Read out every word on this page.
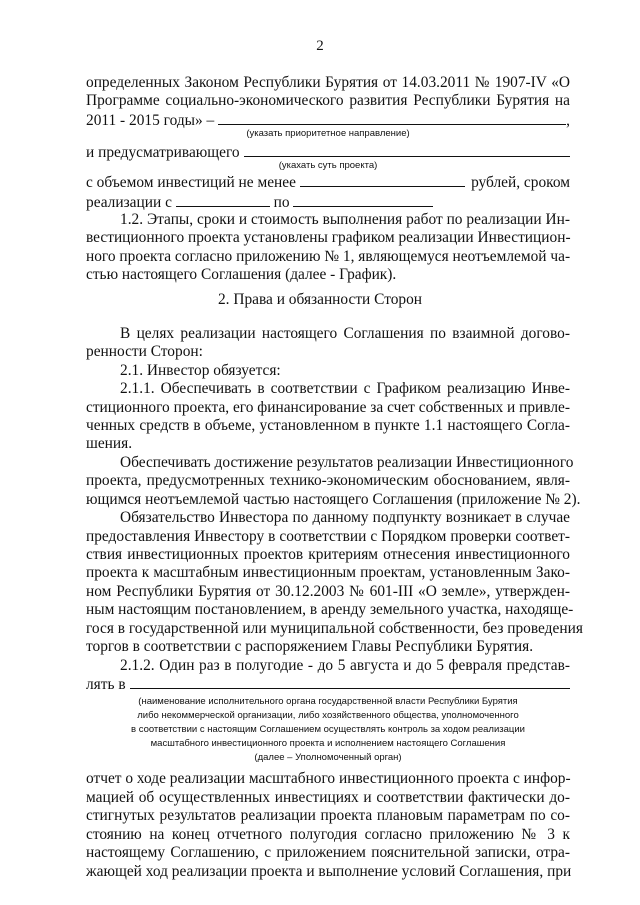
2
определенных Законом Республики Бурятия от 14.03.2011 № 1907-IV «О
Программе социально-экономического развития Республики Бурятия на
2011 - 2015 годы» –	,
(указать приоритетное направление)
и предусматривающего
(укахать суть проекта)
с объемом инвестиций не менее	рублей, сроком
реализации с	по
1.2. Этапы, сроки и стоимость выполнения работ по реализации Ин-
вестиционного проекта установлены графиком реализации Инвестицион-
ного проекта согласно приложению № 1, являющемуся неотъемлемой ча-
стью настоящего Соглашения (далее - График).
2. Права и обязанности Сторон
В целях реализации настоящего Соглашения по взаимной догово-
ренности Сторон:
2.1. Инвестор обязуется:
2.1.1. Обеспечивать в соответствии с Графиком реализацию Инве-
стиционного проекта, его финансирование за счет собственных и привле-
ченных средств в объеме, установленном в пункте 1.1 настоящего Согла-
шения.
Обеспечивать достижение результатов реализации Инвестиционного
проекта, предусмотренных технико-экономическим обоснованием, явля-
ющимся неотъемлемой частью настоящего Соглашения (приложение № 2).
Обязательство Инвестора по данному подпункту возникает в случае
предоставления Инвестору в соответствии с Порядком проверки соответ-
ствия инвестиционных проектов критериям отнесения инвестиционного
проекта к масштабным инвестиционным проектам, установленным Зако-
ном Республики Бурятия от 30.12.2003 № 601-III «О земле», утвержден-
ным настоящим постановлением, в аренду земельного участка, находяще-
гося в государственной или муниципальной собственности, без проведения
торгов в соответствии с распоряжением Главы Республики Бурятия.
2.1.2. Один раз в полугодие - до 5 августа и до 5 февраля представ-
лять в
(наименование исполнительного органа государственной власти Республики Бурятия
либо некоммерческой организации, либо хозяйственного общества, уполномоченного
в соответствии с настоящим Соглашением осуществлять контроль за ходом реализации
масштабного инвестиционного проекта и исполнением настоящего Соглашения
(далее – Уполномоченный орган)
отчет о ходе реализации масштабного инвестиционного проекта с инфор-
мацией об осуществленных инвестициях и соответствии фактически до-
стигнутых результатов реализации проекта плановым параметрам по со-
стоянию на конец отчетного полугодия согласно приложению № 3 к
настоящему Соглашению, с приложением пояснительной записки, отра-
жающей ход реализации проекта и выполнение условий Соглашения, при
